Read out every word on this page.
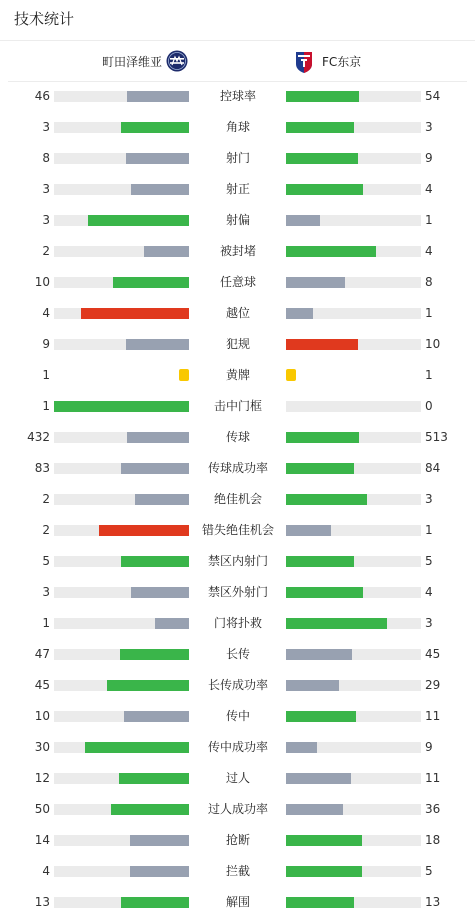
技术统计
町田泽维亚	FC东京
46	控球率	54
3	角球	3
8	射门	9
3	射正	4
3	射偏	1
2	被封堵	4
10	任意球	8
4	越位	1
9	犯规	10
1	黄牌	1
1	击中门框	0
432	传球	513
83	传球成功率	84
2	绝佳机会	3
2	错失绝佳机会	1
5	禁区内射门	5
3	禁区外射门	4
1	门将扑救	3
47	长传	45
45	长传成功率	29
10	传中	11
30	传中成功率	9
12	过人	11
50	过人成功率	36
14	抢断	18
4	拦截	5
13	解围	13
